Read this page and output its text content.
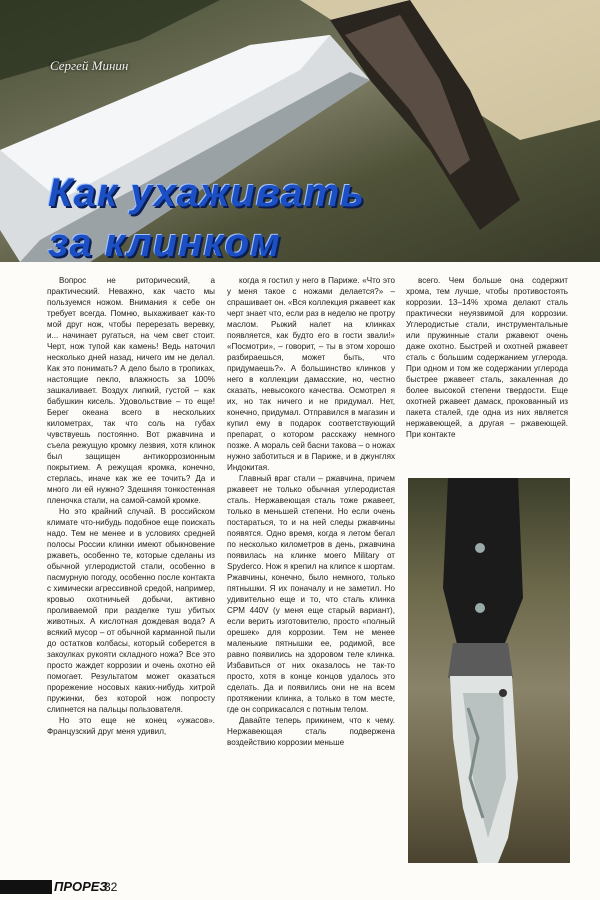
Сергей Минин
Как ухаживать
за клинком

Вопрос не риторический, а практический. Неважно, как часто мы пользуемся ножом. Внимания к себе он требует всегда. Помню, выхаживает как-то мой друг нож, чтобы перерезать веревку, и... начинает ругаться, на чем свет стоит. Черт, нож тупой как камень! Ведь наточил несколько дней назад, ничего им не делал. Как это понимать? А дело было в тропиках, настоящие пекло, влажность за 100% зашкаливает. Воздух липкий, густой – как бабушкин кисель. Удовольствие – то еще! Берег океана всего в нескольких километрах, так что соль на губах чувствуешь постоянно. Вот ржавчина и съела режущую кромку лезвия, хотя клинок был защищен антикоррозионным покрытием. А режущая кромка, конечно, стерлась, иначе как же ее точить? Да и много ли ей нужно? Здешняя тонкостенная пленочка стали, на самой-самой кромке.

Но это крайний случай. В российском климате что-нибудь подобное еще поискать надо. Тем не менее и в условиях средней полосы России клинки имеют обыкновение ржаветь, особенно те, которые сделаны из обычной углеродистой стали, особенно в пасмурную погоду, особенно после контакта с химически агрессивной средой, например, кровью охотничьей добычи, активно проливаемой при разделке туш убитых животных. А кислотная дождевая вода? А всякий мусор – от обычной карманной пыли до остатков колбасы, который соберется в закоулках рукояти складного ножа? Все это просто жаждет коррозии и очень охотно ей помогает. Результатом может оказаться прорежение носовых каких-нибудь хитрой пружинки, без которой нож попросту слипнется на пальцы пользователя.

Но это еще не конец «ужасов». Французский друг меня удивил,

когда я гостил у него в Париже. «Что это у меня такое с ножами делается?» – спрашивает он. «Вся коллекция ржавеет как черт знает что, если раз в неделю не протру маслом. Рыжий налет на клинках появляется, как будто его в гости звали!» «Посмотри», – говорит, – ты в этом хорошо разбираешься, может быть, что придумаешь?». А большинство клинков у него в коллекции дамасские, но, честно сказать, невысокого качества. Осмотрел я их, но так ничего и не придумал. Нет, конечно, придумал. Отправился в магазин и купил ему в подарок соответствующий препарат, о котором расскажу немного позже. А мораль сей басни такова – о ножах нужно заботиться и в Париже, и в джунглях Индокитая.

Главный враг стали – ржавчина, причем ржавеет не только обычная углеродистая сталь. Нержавеющая сталь тоже ржавеет, только в меньшей степени. Но если очень постараться, то и на ней следы ржавчины появятся. Одно время, когда я летом бегал по несколько километров в день, ржавчина появилась на клинке моего Military от Spyderco. Нож я крепил на клипсе к шортам. Ржавчины, конечно, было немного, только пятнышки. Я их поначалу и не заметил. Но удивительно еще и то, что сталь клинка CPM 440V (у меня еще старый вариант), если верить изготовителю, просто «полный орешек» для коррозии. Тем не менее маленькие пятнышки ее, родимой, все равно появились на здоровом теле клинка. Избавиться от них оказалось не так-то просто, хотя в конце концов удалось это сделать. Да и появились они не на всем протяжении клинка, а только в том месте, где он соприкасался с потным телом.

Давайте теперь прикинем, что к чему. Нержавеющая сталь подвержена воздействию коррозии меньше

всего. Чем больше она содержит хрома, тем лучше, чтобы противостоять коррозии. 13–14% хрома делают сталь практически неуязвимой для коррозии. Углеродистые стали, инструментальные или пружинные стали ржавеют очень даже охотно. Быстрей и охотней ржавеет сталь с большим содержанием углерода. При одном и том же содержании углерода быстрее ржавеет сталь, закаленная до более высокой степени твердости. Еще охотней ржавеет дамаск, прокованный из пакета сталей, где одна из них является нержавеющей, а другая – ржавеющей. При контакте

ПРОРЕЗ
32
